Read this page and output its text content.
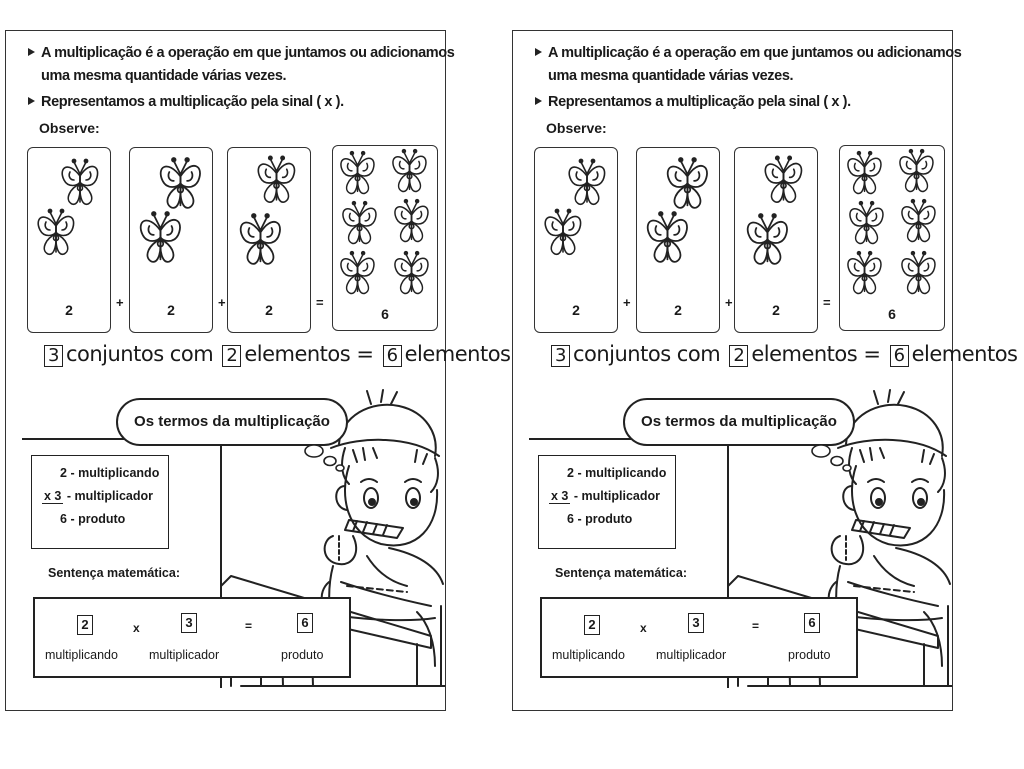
A multiplicação é a operação em que juntamos ou adicionamos
uma mesma quantidade várias vezes.
Representamos a multiplicação pela sinal ( x ).
Observe:
2	+	2	+	2	=
6
3 conjuntos com 2 elementos = 6 elementos
Os termos da multiplicação
2 - multiplicando
x 3 - multiplicador
6 - produto
Sentença matemática:
2	x	3	=	6
multiplicando multiplicador	produto
A multiplicação é a operação em que juntamos ou adicionamos
uma mesma quantidade várias vezes.
Representamos a multiplicação pela sinal ( x ).
Observe:
2	+	2	+	2	=
6
3 conjuntos com 2 elementos = 6 elementos
Os termos da multiplicação
2 - multiplicando
x 3 - multiplicador
6 - produto
Sentença matemática:
2	x	3	=	6
multiplicando multiplicador	produto
